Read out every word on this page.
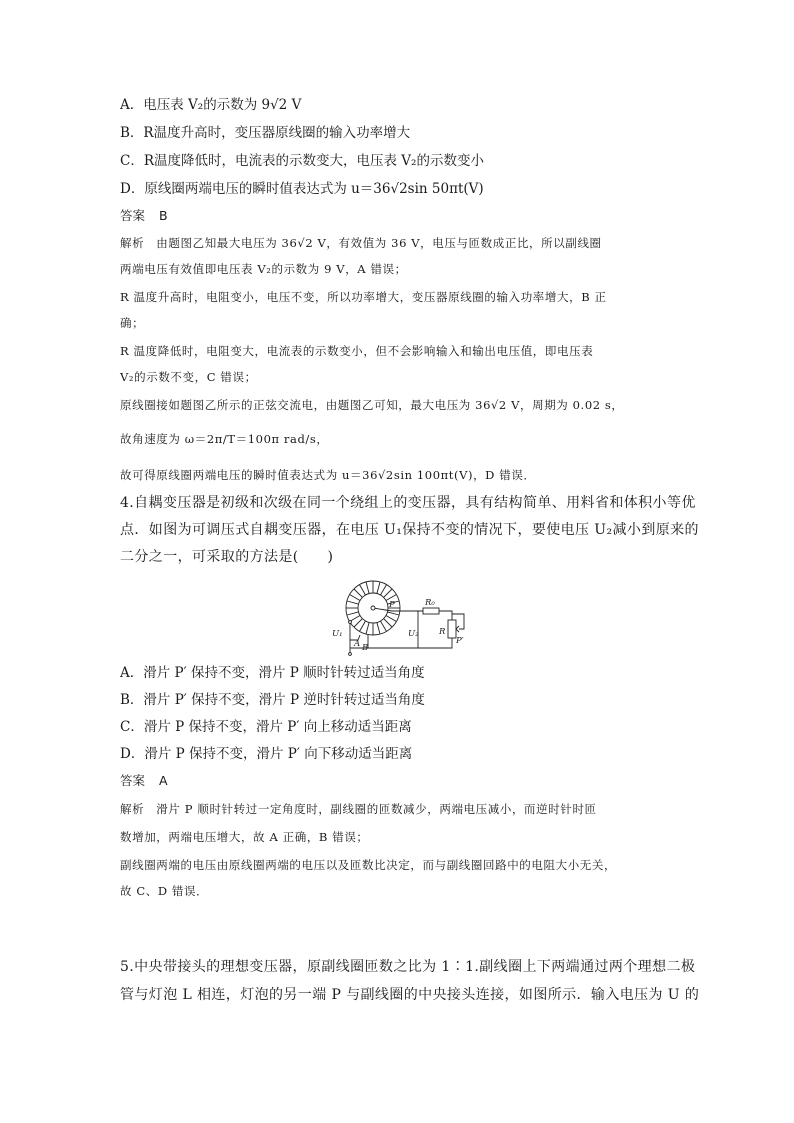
A．电压表 V₂的示数为 9√2 V
B．R温度升高时，变压器原线圈的输入功率增大
C．R温度降低时，电流表的示数变大，电压表 V₂的示数变小
D．原线圈两端电压的瞬时值表达式为 u＝36√2sin 50πt(V)
答案 B
解析　由题图乙知最大电压为 36√2 V，有效值为 36 V，电压与匝数成正比，所以副线圈
两端电压有效值即电压表 V₂的示数为 9 V，A 错误；
R 温度升高时，电阻变小，电压不变，所以功率增大，变压器原线圈的输入功率增大，B 正
确；
R 温度降低时，电阻变大，电流表的示数变小，但不会影响输入和输出电压值，即电压表
V₂的示数不变，C 错误；
原线圈接如题图乙所示的正弦交流电，由题图乙可知，最大电压为 36√2 V，周期为 0.02 s，
故角速度为 ω＝2π/T＝100π rad/s，
故可得原线圈两端电压的瞬时值表达式为 u＝36√2sin 100πt(V)，D 错误．
4.自耦变压器是初级和次级在同一个绕组上的变压器，具有结构简单、用料省和体积小等优
点．如图为可调压式自耦变压器，在电压 U₁保持不变的情况下，要使电压 U₂减小到原来的
二分之一，可采取的方法是(　　)
P	R₀
U₁	U₂
A B
R
P′
A．滑片 P′ 保持不变，滑片 P 顺时针转过适当角度
B．滑片 P′ 保持不变，滑片 P 逆时针转过适当角度
C．滑片 P 保持不变，滑片 P′ 向上移动适当距离
D．滑片 P 保持不变，滑片 P′ 向下移动适当距离
答案 A
解析　滑片 P 顺时针转过一定角度时，副线圈的匝数减少，两端电压减小，而逆时针时匝
数增加，两端电压增大，故 A 正确，B 错误；
副线圈两端的电压由原线圈两端的电压以及匝数比决定，而与副线圈回路中的电阻大小无关，
故 C、D 错误．
5.中央带接头的理想变压器，原副线圈匝数之比为 1∶1.副线圈上下两端通过两个理想二极
管与灯泡 L 相连，灯泡的另一端 P 与副线圈的中央接头连接，如图所示．输入电压为 U 的
